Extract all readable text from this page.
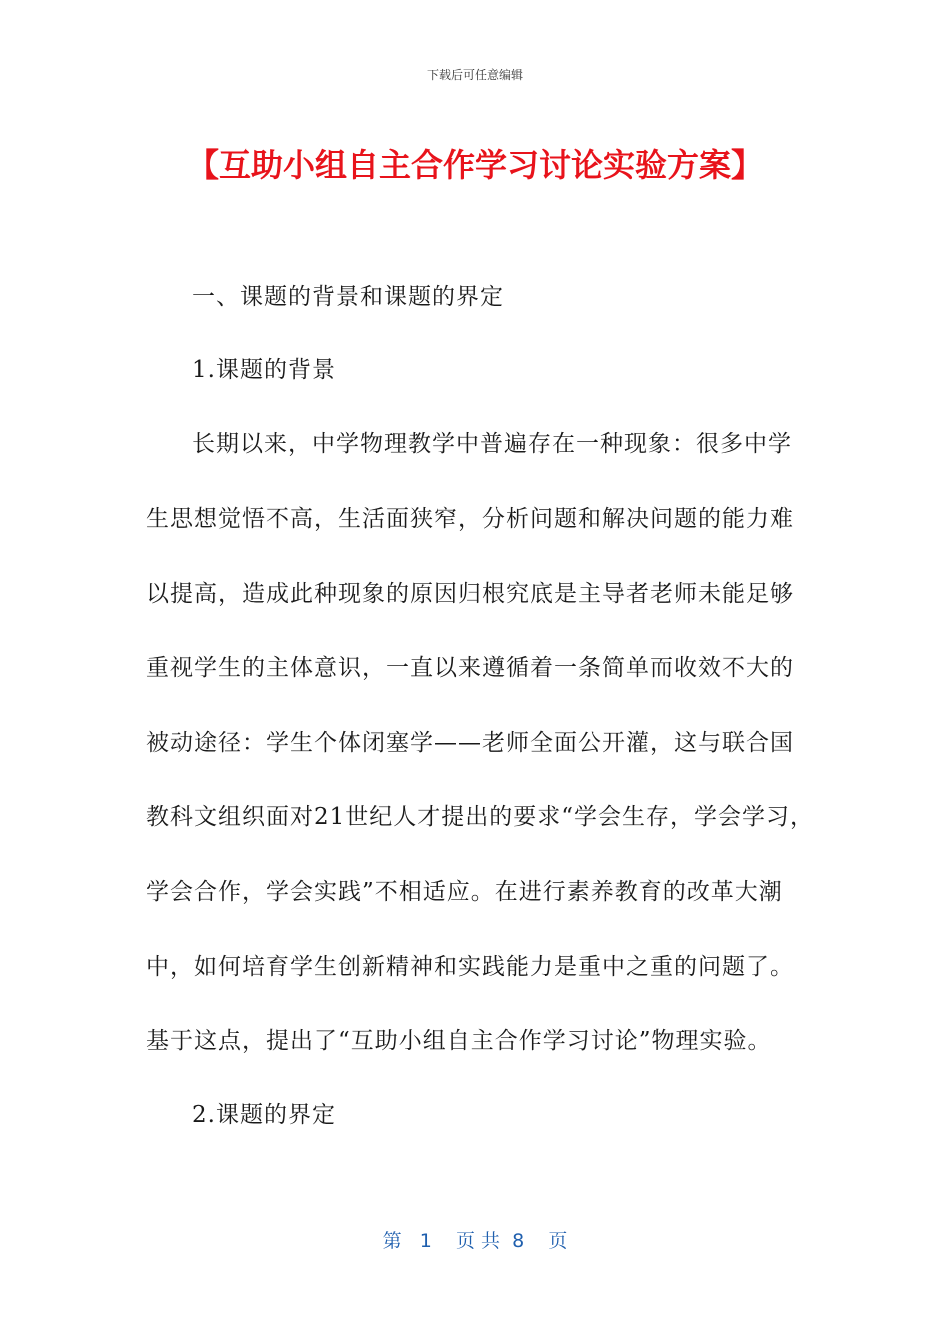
下载后可任意编辑
【互助小组自主合作学习讨论实验方案】
一、课题的背景和课题的界定
1.课题的背景
长期以来，中学物理教学中普遍存在一种现象：很多中学
生思想觉悟不高，生活面狭窄，分析问题和解决问题的能力难
以提高，造成此种现象的原因归根究底是主导者老师未能足够
重视学生的主体意识，一直以来遵循着一条简单而收效不大的
被动途径：学生个体闭塞学——老师全面公开灌，这与联合国
教科文组织面对21世纪人才提出的要求“学会生存，学会学习，
学会合作，学会实践”不相适应。在进行素养教育的改革大潮
中，如何培育学生创新精神和实践能力是重中之重的问题了。
基于这点，提出了“互助小组自主合作学习讨论”物理实验。
2.课题的界定
第   1    页 共  8    页
